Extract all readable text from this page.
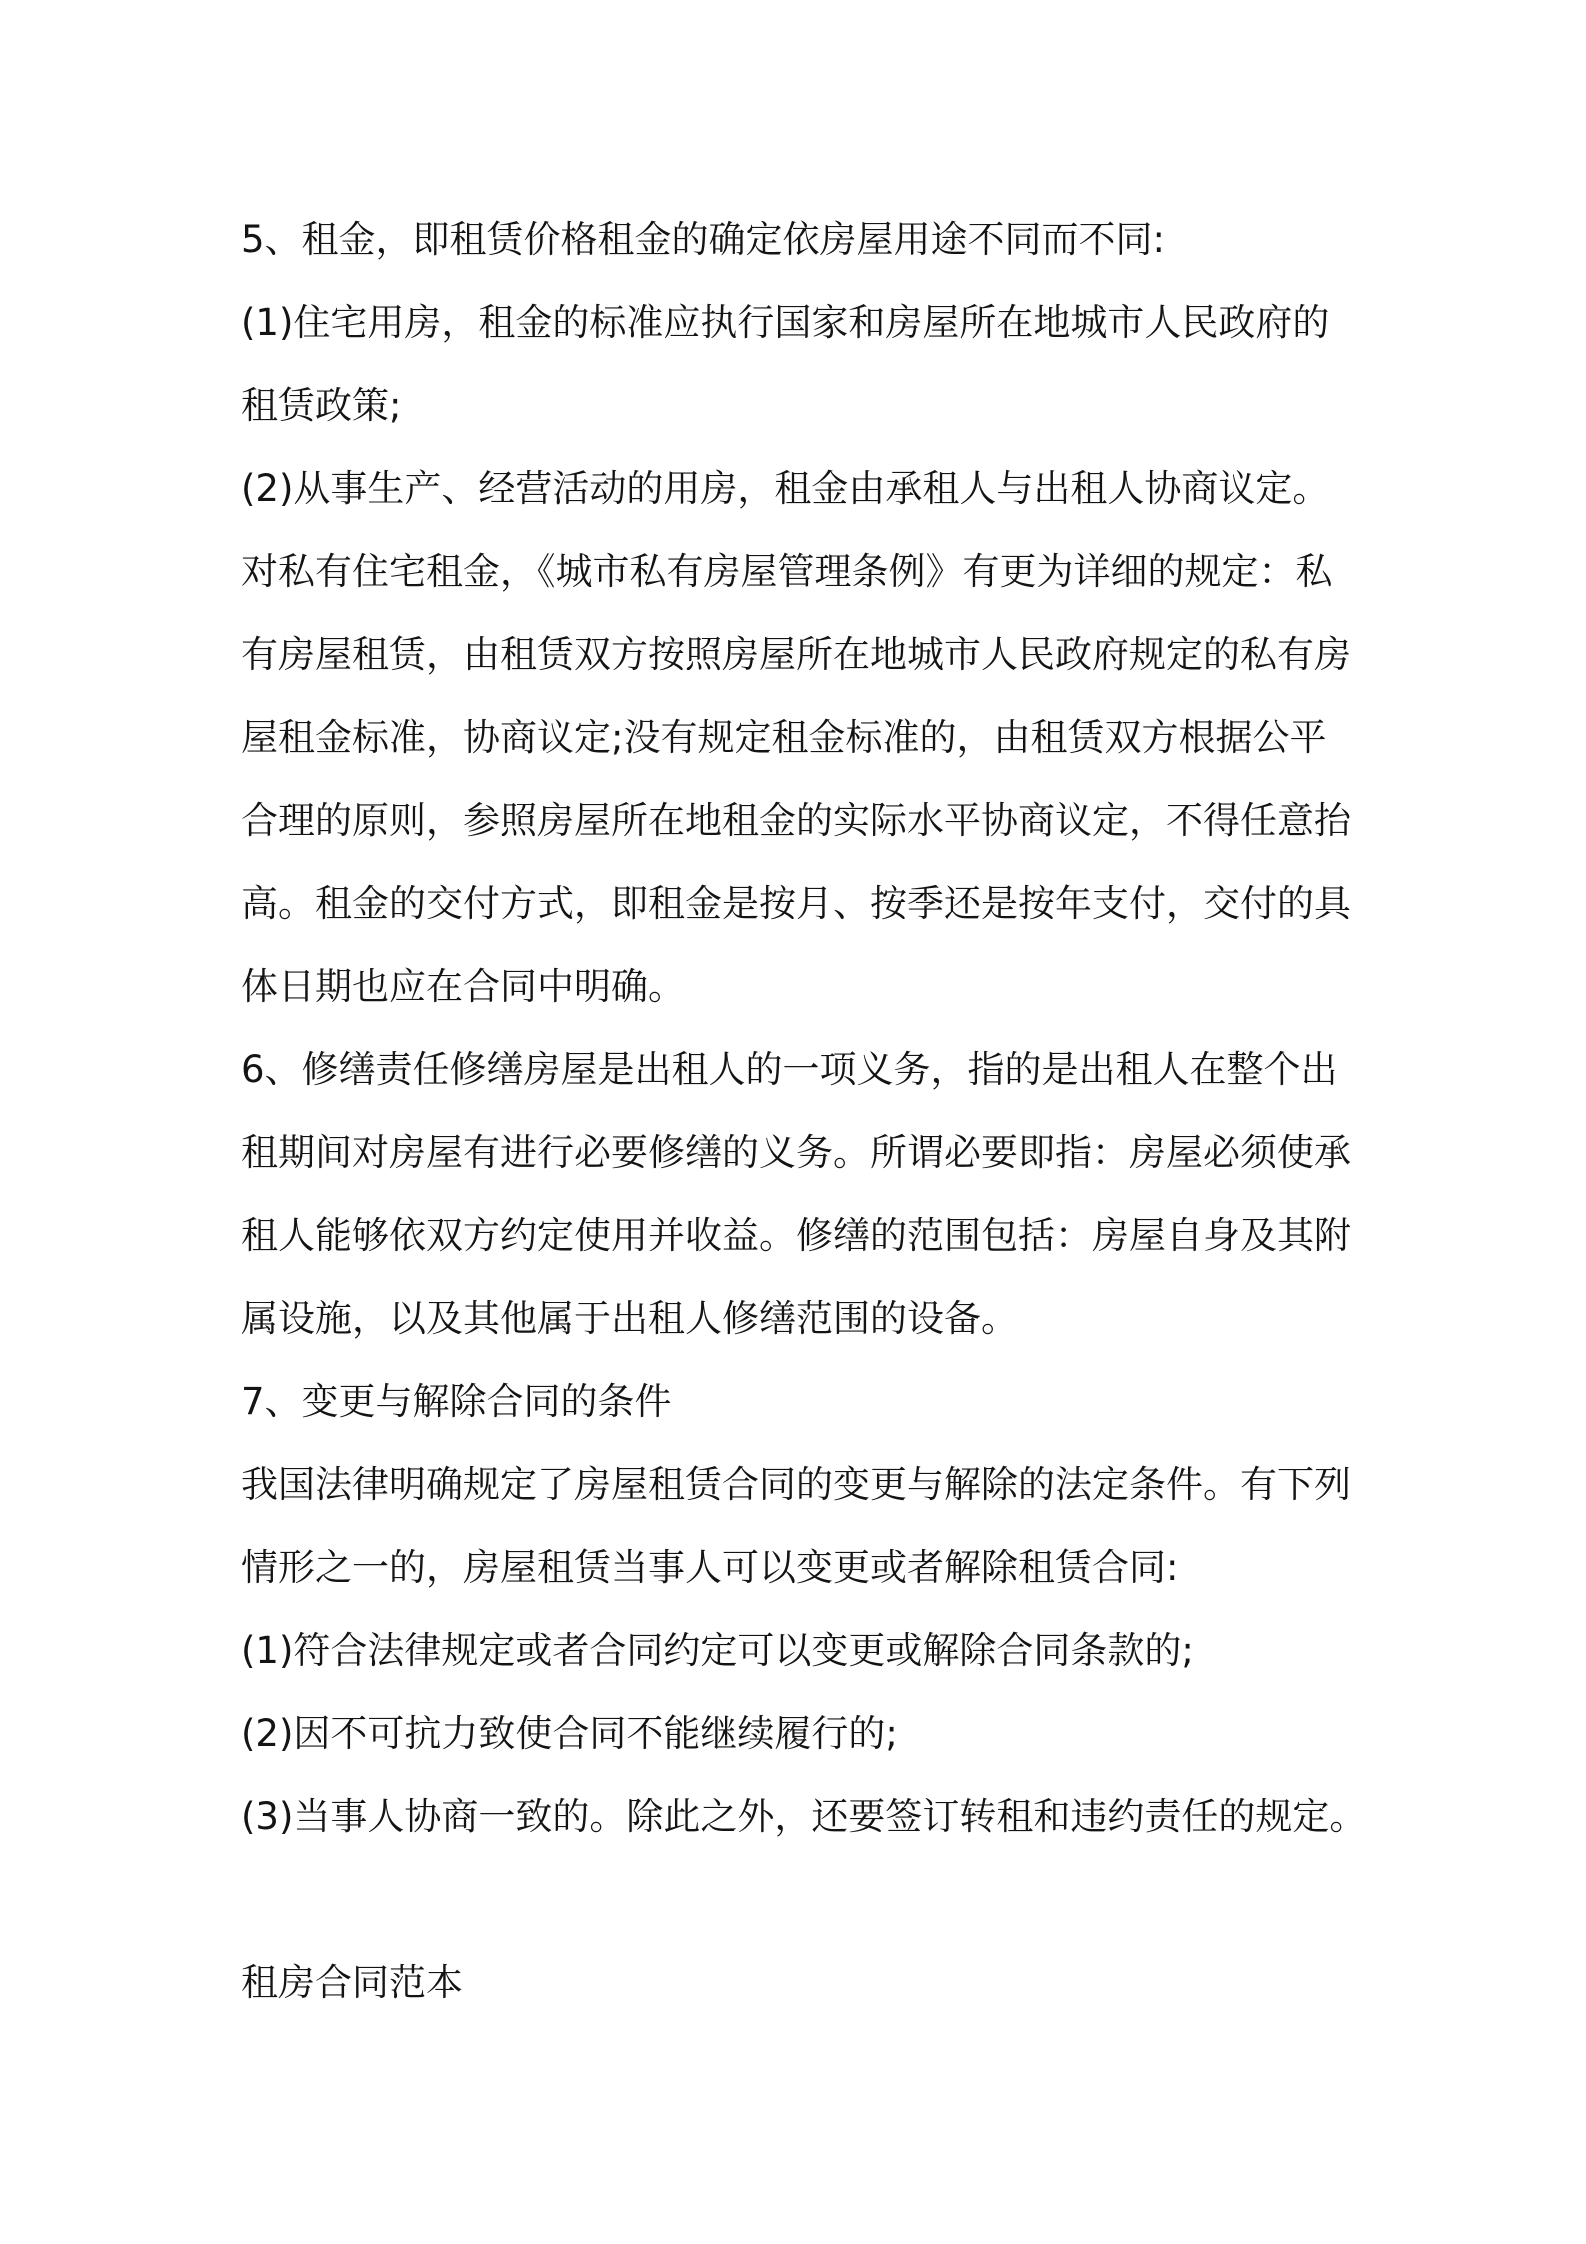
5、租金，即租赁价格租金的确定依房屋用途不同而不同:
(1)住宅用房，租金的标准应执行国家和房屋所在地城市人民政府的
租赁政策;
(2)从事生产、经营活动的用房，租金由承租人与出租人协商议定。
对私有住宅租金，《城市私有房屋管理条例》有更为详细的规定：私
有房屋租赁，由租赁双方按照房屋所在地城市人民政府规定的私有房
屋租金标准，协商议定;没有规定租金标准的，由租赁双方根据公平
合理的原则，参照房屋所在地租金的实际水平协商议定，不得任意抬
高。租金的交付方式，即租金是按月、按季还是按年支付，交付的具
体日期也应在合同中明确。
6、修缮责任修缮房屋是出租人的一项义务，指的是出租人在整个出
租期间对房屋有进行必要修缮的义务。所谓必要即指：房屋必须使承
租人能够依双方约定使用并收益。修缮的范围包括：房屋自身及其附
属设施，以及其他属于出租人修缮范围的设备。
7、变更与解除合同的条件
我国法律明确规定了房屋租赁合同的变更与解除的法定条件。有下列
情形之一的，房屋租赁当事人可以变更或者解除租赁合同:
(1)符合法律规定或者合同约定可以变更或解除合同条款的;
(2)因不可抗力致使合同不能继续履行的;
(3)当事人协商一致的。除此之外，还要签订转租和违约责任的规定。
租房合同范本
